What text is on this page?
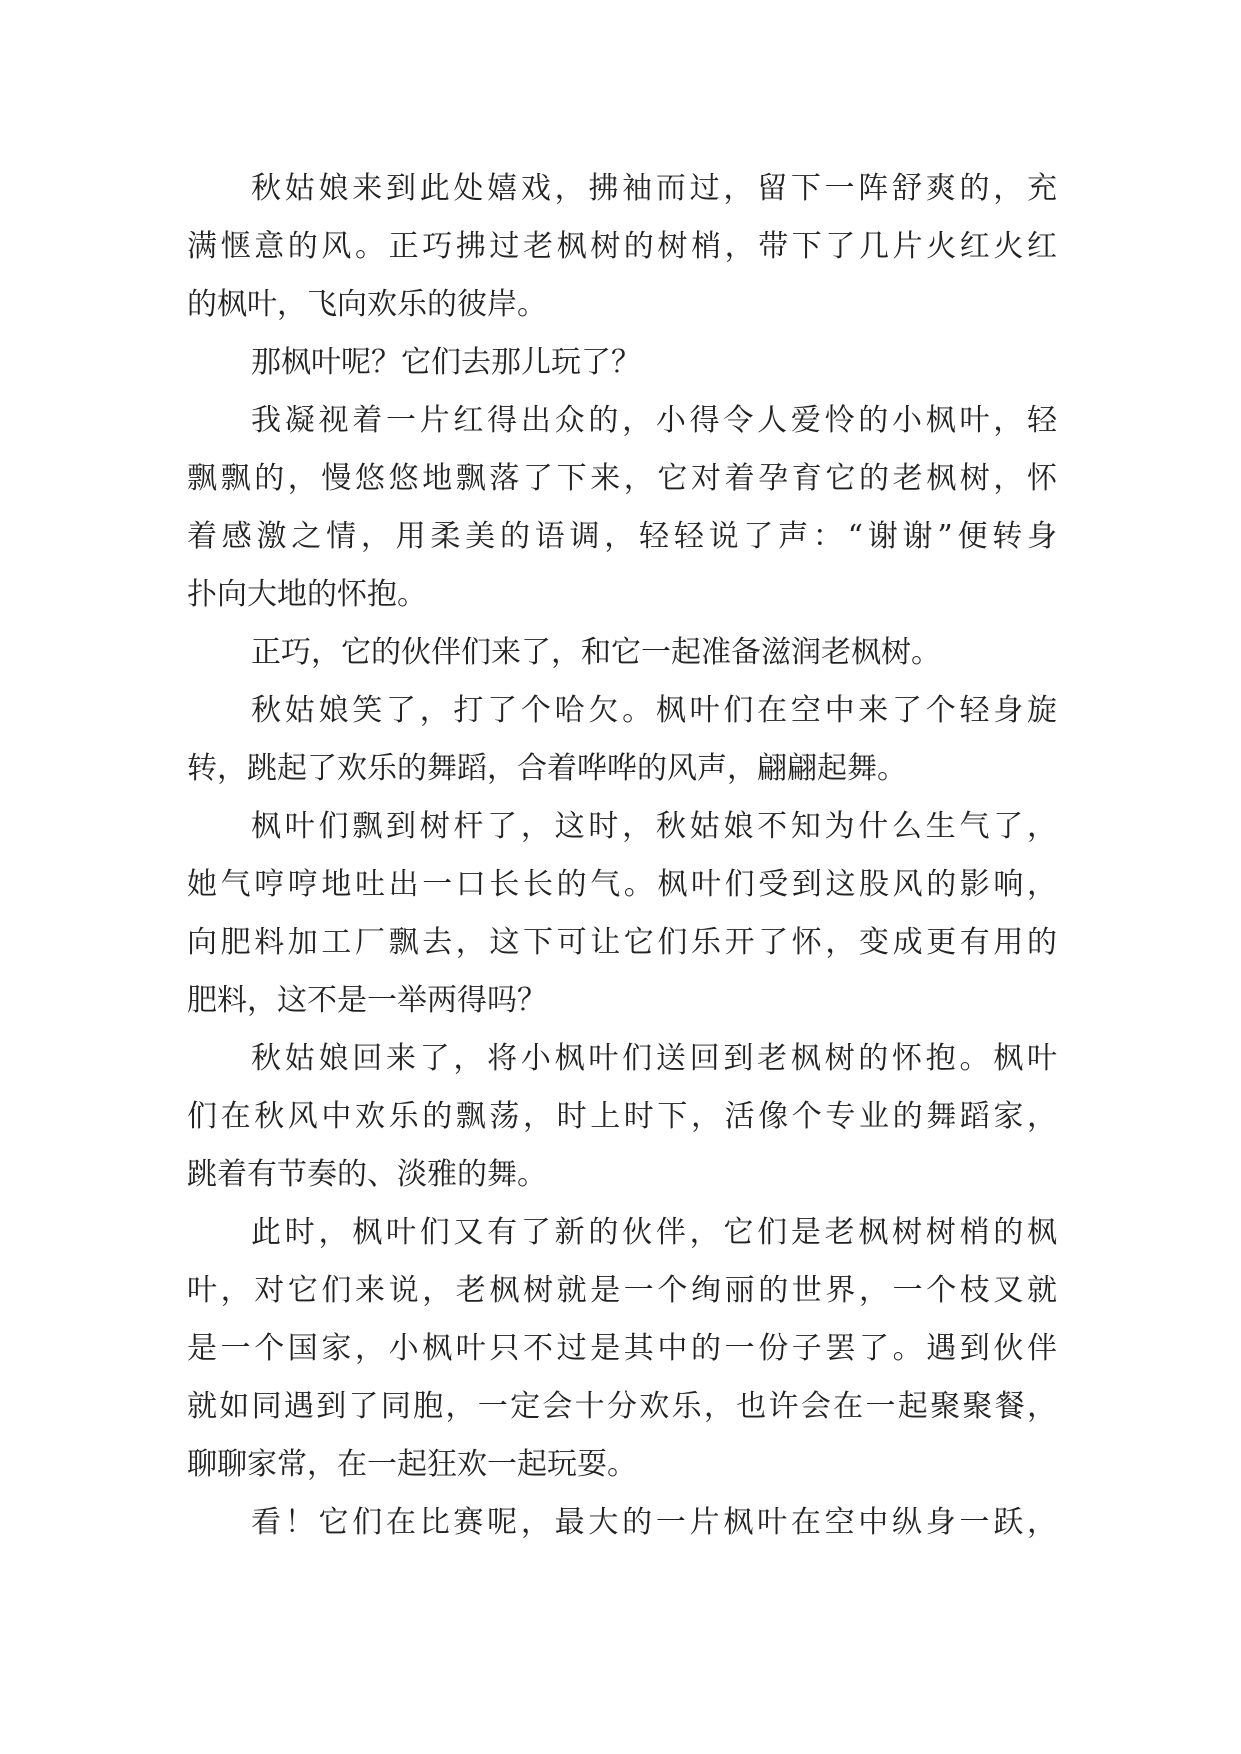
秋姑娘来到此处嬉戏，拂袖而过，留下一阵舒爽的，充
满惬意的风。正巧拂过老枫树的树梢，带下了几片火红火红
的枫叶，飞向欢乐的彼岸。
那枫叶呢？它们去那儿玩了？
我凝视着一片红得出众的，小得令人爱怜的小枫叶，轻
飘飘的，慢悠悠地飘落了下来，它对着孕育它的老枫树，怀
着感激之情，用柔美的语调，轻轻说了声：“谢谢”便转身
扑向大地的怀抱。
正巧，它的伙伴们来了，和它一起准备滋润老枫树。
秋姑娘笑了，打了个哈欠。枫叶们在空中来了个轻身旋
转，跳起了欢乐的舞蹈，合着哗哗的风声，翩翩起舞。
枫叶们飘到树杆了，这时，秋姑娘不知为什么生气了，
她气哼哼地吐出一口长长的气。枫叶们受到这股风的影响，
向肥料加工厂飘去，这下可让它们乐开了怀，变成更有用的
肥料，这不是一举两得吗？
秋姑娘回来了，将小枫叶们送回到老枫树的怀抱。枫叶
们在秋风中欢乐的飘荡，时上时下，活像个专业的舞蹈家，
跳着有节奏的、淡雅的舞。
此时，枫叶们又有了新的伙伴，它们是老枫树树梢的枫
叶，对它们来说，老枫树就是一个绚丽的世界，一个枝叉就
是一个国家，小枫叶只不过是其中的一份子罢了。遇到伙伴
就如同遇到了同胞，一定会十分欢乐，也许会在一起聚聚餐，
聊聊家常，在一起狂欢一起玩耍。
看！它们在比赛呢，最大的一片枫叶在空中纵身一跃，
